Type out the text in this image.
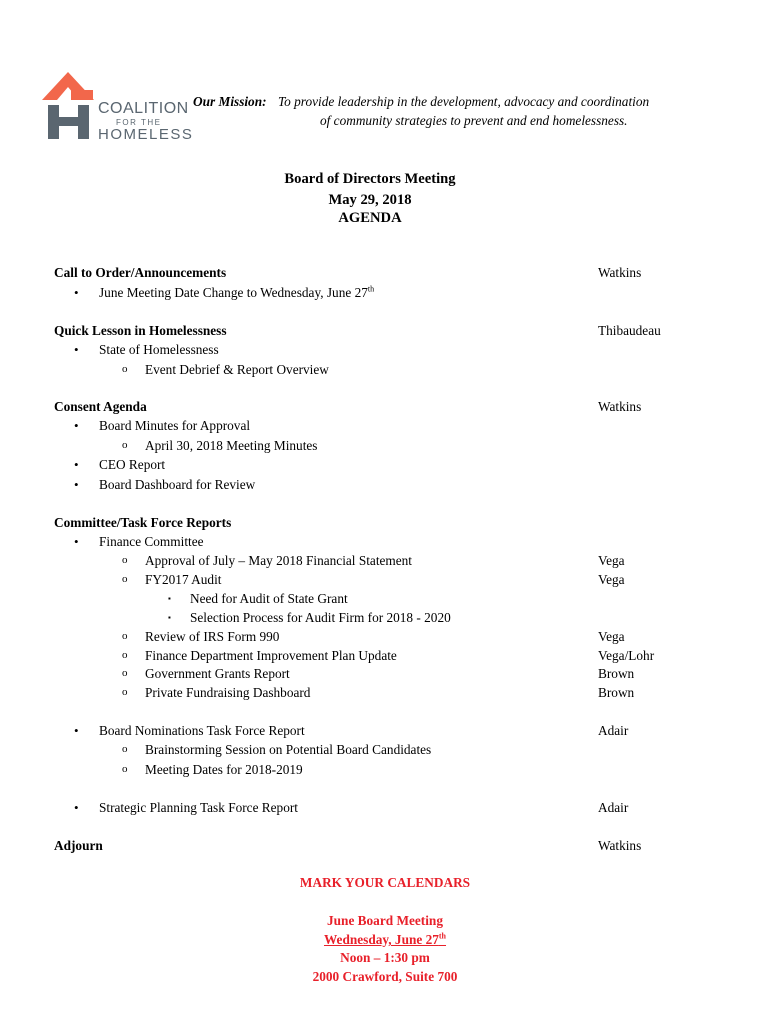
COALITION
FOR THE
HOMELESS
Our Mission: To provide leadership in the development, advocacy and coordination
of community strategies to prevent and end homelessness.
Board of Directors Meeting
May 29, 2018
AGENDA
Call to Order/Announcements	Watkins
• June Meeting Date Change to Wednesday, June 27th
Quick Lesson in Homelessness	Thibaudeau
• State of Homelessness
o Event Debrief & Report Overview
Consent Agenda	Watkins
• Board Minutes for Approval
o April 30, 2018 Meeting Minutes
• CEO Report
• Board Dashboard for Review
Committee/Task Force Reports
• Finance Committee
o Approval of July – May 2018 Financial Statement	Vega
o FY2017 Audit	Vega
▪ Need for Audit of State Grant
▪ Selection Process for Audit Firm for 2018 - 2020
o Review of IRS Form 990	Vega
o Finance Department Improvement Plan Update	Vega/Lohr
o Government Grants Report	Brown
o Private Fundraising Dashboard	Brown
• Board Nominations Task Force Report	Adair
o Brainstorming Session on Potential Board Candidates
o Meeting Dates for 2018-2019
• Strategic Planning Task Force Report	Adair
Adjourn	Watkins
MARK YOUR CALENDARS
June Board Meeting
Wednesday, June 27th
Noon – 1:30 pm
2000 Crawford, Suite 700
